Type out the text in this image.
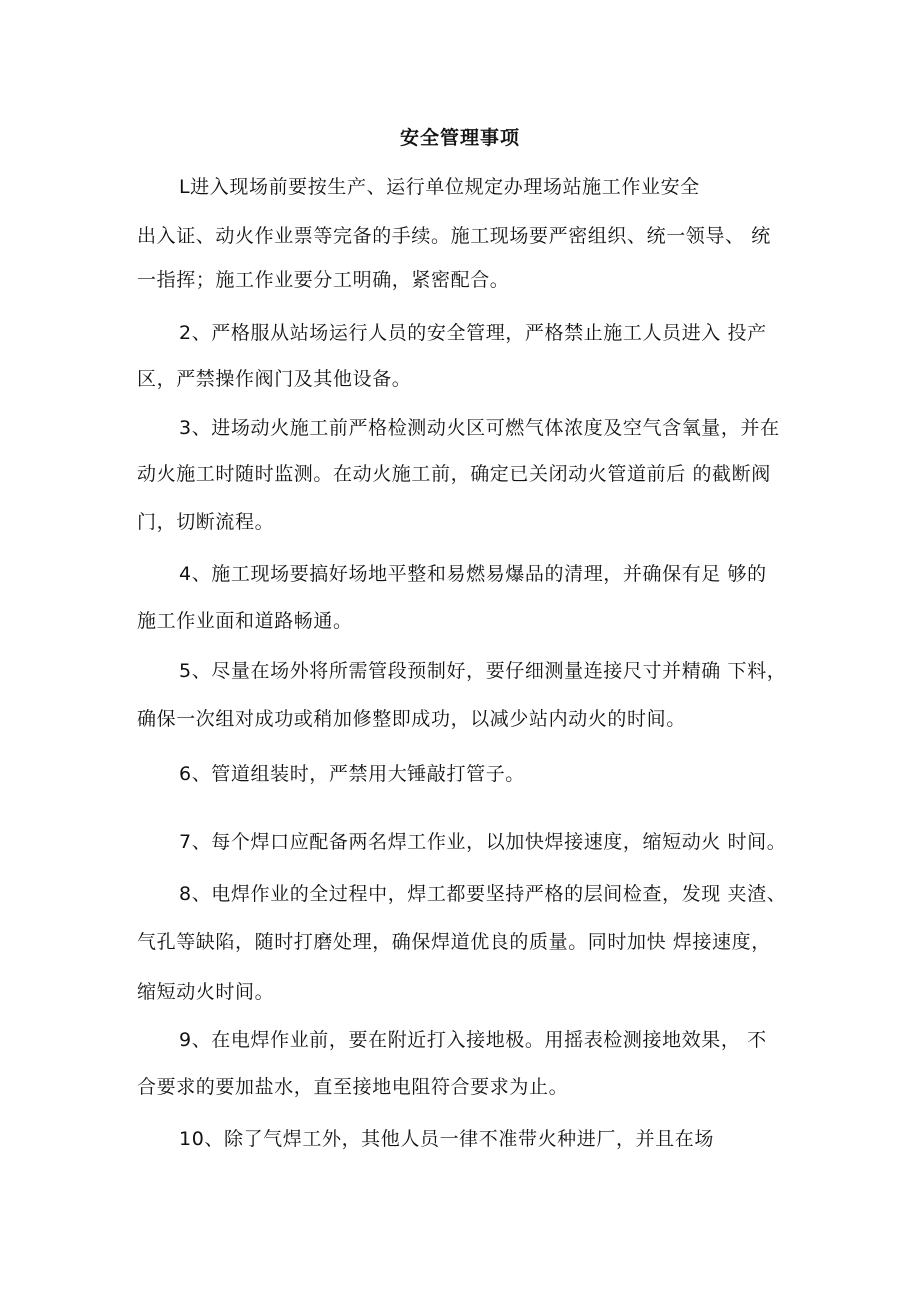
安全管理事项
L进入现场前要按生产、运行单位规定办理场站施工作业安全
出入证、动火作业票等完备的手续。施工现场要严密组织、统一领导、 统
一指挥；施工作业要分工明确，紧密配合。
2、严格服从站场运行人员的安全管理，严格禁止施工人员进入 投产
区，严禁操作阀门及其他设备。
3、进场动火施工前严格检测动火区可燃气体浓度及空气含氧量，并在
动火施工时随时监测。在动火施工前，确定已关闭动火管道前后 的截断阀
门，切断流程。
4、施工现场要搞好场地平整和易燃易爆品的清理，并确保有足 够的
施工作业面和道路畅通。
5、尽量在场外将所需管段预制好，要仔细测量连接尺寸并精确 下料，
确保一次组对成功或稍加修整即成功，以减少站内动火的时间。
6、管道组装时，严禁用大锤敲打管子。
7、每个焊口应配备两名焊工作业，以加快焊接速度，缩短动火 时间。
8、电焊作业的全过程中，焊工都要坚持严格的层间检查，发现 夹渣、
气孔等缺陷，随时打磨处理，确保焊道优良的质量。同时加快 焊接速度，
缩短动火时间。
9、在电焊作业前，要在附近打入接地极。用摇表检测接地效果， 不
合要求的要加盐水，直至接地电阻符合要求为止。
10、除了气焊工外，其他人员一律不准带火种进厂，并且在场
